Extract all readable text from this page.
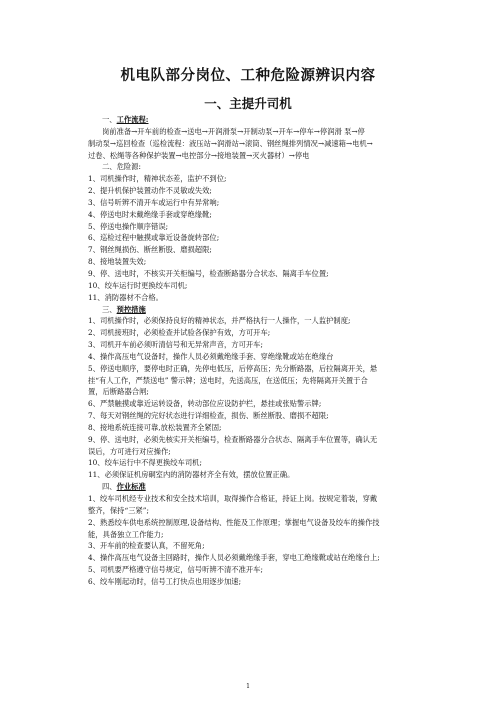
机电队部分岗位、工种危险源辨识内容
一、主提升司机
一、工作流程:
岗前准备→开车前的检查→送电→开润滑泵→开制动泵→开车→停车→停润滑 泵→停
制动泵→巡回检查（巡检流程：液压站→润滑站→滚筒、钢丝绳排列情况→减速箱→电机→
过卷、松绳等各种保护装置→电控部分→接地装置→灭火器材）→停电
二、危险源:
1、司机操作时，精神状态差，监护不到位;
2、提升机保护装置动作不灵敏或失效;
3、信号听辨不清开车或运行中有异常响;
4、停送电时未戴绝缘手套或穿绝缘靴;
5、停送电操作顺序错误;
6、巡检过程中触摸或靠近设备旋转部位;
7、钢丝绳损伤、断丝断股、磨损超限;
8、接地装置失效;
9、停、送电时，不核实开关柜编号，检查断路器分合状态、隔离手车位置;
10、绞车运行时更换绞车司机;
11、消防器材不合格。
三、预控措施
1、司机操作时，必须保持良好的精神状态，并严格执行一人操作，一人监护制度;
2、司机接班时，必须检查并试验各保护有效，方可开车;
3、司机开车前必须听清信号和无异常声音，方可开车;
4、操作高压电气设备时，操作人员必须戴绝缘手套、穿绝缘靴或站在绝缘台
5、停送电顺序，要停电时正确，先停电低压，后停高压；先分断路器，后拉隔离开关，悬
挂“有人工作，严禁送电” 警示牌；送电时，先送高压，在送低压；先将隔离开关置于合
置，后断路器合闸;
6、严禁触摸或靠近运转设备，转动部位应设防护栏，悬挂或张贴警示牌;
7、每天对钢丝绳的完好状态进行详细检查，损伤、断丝断股、磨损不超限;
8、接地系统连接可靠,放松装置齐全紧固;
9、停、送电时，必须先核实开关柜编号，检查断路器分合状态、隔离手车位置等，确认无
误后，方可进行对应操作;
10、绞车运行中不得更换绞车司机;
11、必须保证机房硐室内的消防器材齐全有效，摆放位置正确。
四、作业标准
1、绞车司机经专业技术和安全技术培训，取得操作合格证，持证上岗。按规定着装，穿戴
整齐，保持“三紧”;
2、熟悉绞车供电系统控制原理,设备结构、性能及工作原理；掌握电气设备及绞车的操作技
能，具备独立工作能力;
3、开车前的检查要认真，不留死角;
4、操作高压电气设备主回路时，操作人员必须戴绝缘手套，穿电工绝缘靴或站在绝缘台上;
5、司机要严格遵守信号规定，信号听辨不清不准开车;
6、绞车刚起动时，信号工打快点也用逐步加速;
1
